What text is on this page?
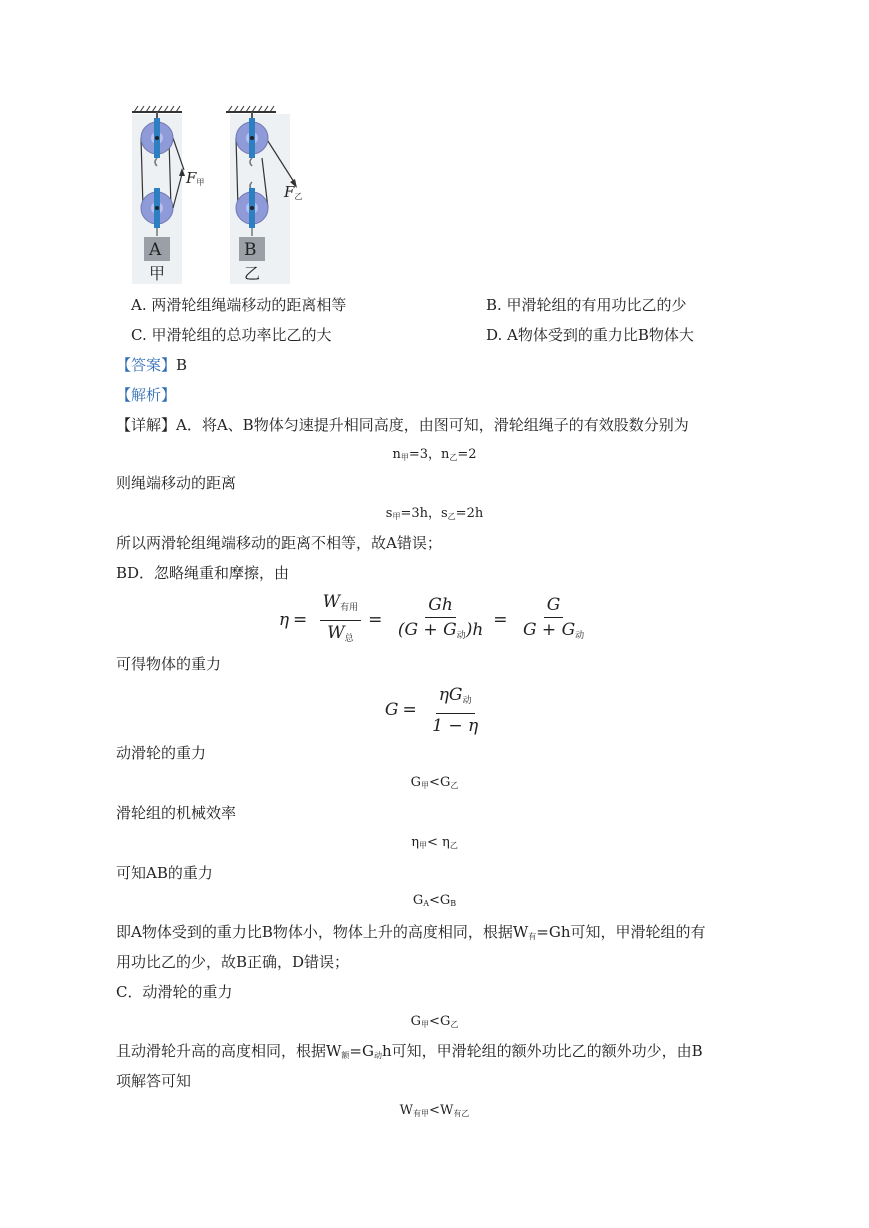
A	B
甲	乙
$F_甲$
$F_乙$
A. 两滑轮组绳端移动的距离相等	B. 甲滑轮组的有用功比乙的少
C. 甲滑轮组的总功率比乙的大	D. A物体受到的重力比B物体大
【答案】B
【解析】
【详解】A．将A、B物体匀速提升相同高度，由图可知，滑轮组绳子的有效股数分别为
$n_甲=3$，$n_乙=2$
则绳端移动的距离
$s_甲=3h$，$s_乙=2h$
所以两滑轮组绳端移动的距离不相等，故A错误；
BD．忽略绳重和摩擦，由
$\eta = \frac{\text{W有用}}{\text{W总}} = \frac{Gh}{\text{(G + G动)h}} = \frac{G}{\text{G + G动}}$
可得物体的重力
$G = \frac{\text{ηG动}}{1 - \eta}$
动滑轮的重力
$G_甲<G_乙$
滑轮组的机械效率
$\eta_甲< \eta_乙$
可知AB的重力
$G_A<G_B$
即A物体受到的重力比B物体小，物体上升的高度相同，根据$W_有=Gh$可知，甲滑轮组的有
用功比乙的少，故B正确，D错误；
C．动滑轮的重力
$G_甲<G_乙$
且动滑轮升高的高度相同，根据$W_额=G_动h$可知，甲滑轮组的额外功比乙的额外功少，由B
项解答可知
$W_{有甲}<W_{有乙}$
